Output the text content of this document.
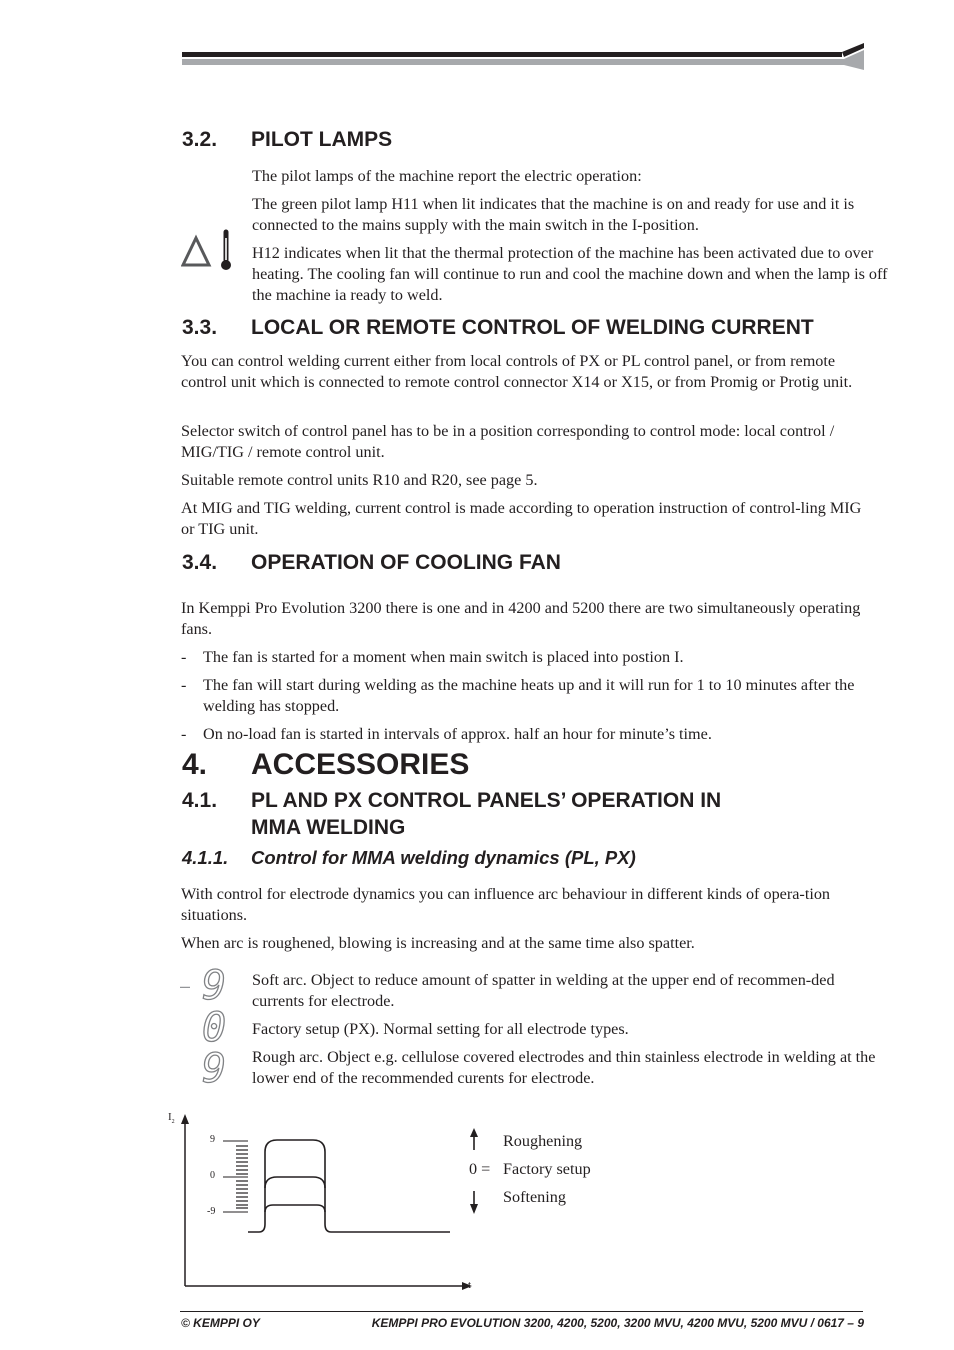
3.2. PILOT LAMPS
The pilot lamps of the machine report the electric operation:
The green pilot lamp H11 when lit indicates that the machine is on and ready for use and it is connected to the mains supply with the main switch in the I-position.
H12 indicates when lit that the thermal protection of the machine has been activated due to over heating. The cooling fan will continue to run and cool the machine down and when the lamp is off the machine ia ready to weld.
3.3. LOCAL OR REMOTE CONTROL OF WELDING CURRENT
You can control welding current either from local controls of PX or PL control panel, or from remote control unit which is connected to remote control connector X14 or X15, or from Promig or Protig unit.
Selector switch of control panel has to be in a position corresponding to control mode: local control / MIG/TIG / remote control unit.
Suitable remote control units R10 and R20, see page 5.
At MIG and TIG welding, current control is made according to operation instruction of control-ling MIG or TIG unit.
3.4. OPERATION OF COOLING FAN
In Kemppi Pro Evolution 3200 there is one and in 4200 and 5200 there are two simultaneously operating fans.
- The fan is started for a moment when main switch is placed into postion I.
- The fan will start during welding as the machine heats up and it will run for 1 to 10 minutes after the welding has stopped.
- On no-load fan is started in intervals of approx. half an hour for minute’s time.
4. ACCESSORIES
4.1. PL AND PX CONTROL PANELS’ OPERATION IN
MMA WELDING
4.1.1. Control for MMA welding dynamics (PL, PX)
With control for electrode dynamics you can influence arc behaviour in different kinds of opera-tion situations.
When arc is roughened, blowing is increasing and at the same time also spatter.
– 9 Soft arc. Object to reduce amount of spatter in welding at the upper end of recommen-ded currents for electrode.
0 Factory setup (PX). Normal setting for all electrode types.
9 Rough arc. Object e.g. cellulose covered electrodes and thin stainless electrode in welding at the lower end of the recommended curents for electrode.
$I_2$
t
9
0
-9
Roughening
0 = Factory setup
Softening
© KEMPPI OY	KEMPPI PRO EVOLUTION 3200, 4200, 5200, 3200 MVU, 4200 MVU, 5200 MVU / 0617 – 9
